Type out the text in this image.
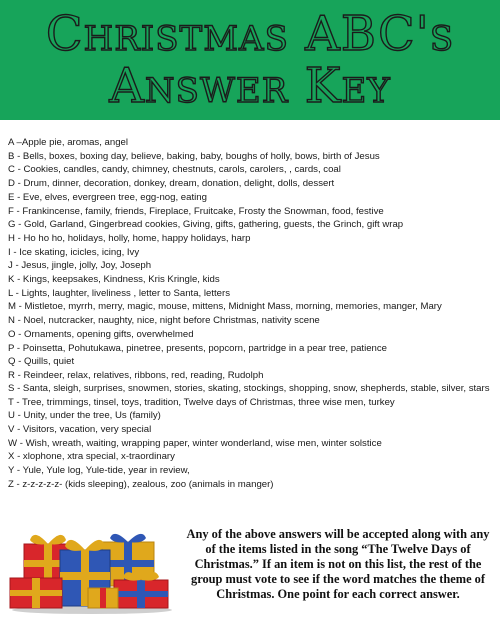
Christmas ABC's
Answer Key
A –Apple pie, aromas, angel
B - Bells, boxes, boxing day, believe, baking, baby, boughs of holly, bows, birth of Jesus
C - Cookies, candles, candy, chimney, chestnuts, carols, carolers, , cards, coal
D - Drum, dinner, decoration, donkey, dream, donation, delight, dolls, dessert
E - Eve, elves, evergreen tree, egg-nog, eating
F - Frankincense, family, friends, Fireplace, Fruitcake, Frosty the Snowman, food, festive
G - Gold, Garland, Gingerbread cookies, Giving, gifts, gathering, guests, the Grinch, gift wrap
H - Ho ho ho, holidays, holly, home, happy holidays, harp
I - Ice skating, icicles, icing, Ivy
J - Jesus, jingle, jolly, Joy, Joseph
K - Kings, keepsakes, Kindness, Kris Kringle, kids
L - Lights, laughter, liveliness , letter to Santa, letters
M - Mistletoe, myrrh, merry, magic, mouse, mittens, Midnight Mass, morning, memories, manger, Mary
N - Noel, nutcracker, naughty, nice, night before Christmas, nativity scene
O - Ornaments, opening gifts, overwhelmed
P - Poinsetta, Pohutukawa, pinetree, presents, popcorn, partridge in a pear tree, patience
Q - Quills, quiet
R - Reindeer, relax, relatives, ribbons, red, reading, Rudolph
S - Santa, sleigh, surprises, snowmen, stories, skating, stockings, shopping, snow, shepherds, stable, silver, stars
T - Tree, trimmings, tinsel, toys, tradition, Twelve days of Christmas, three wise men, turkey
U - Unity, under the tree, Us (family)
V - Visitors, vacation, very special
W - Wish, wreath, waiting, wrapping paper, winter wonderland, wise men, winter solstice
X - xlophone, xtra special, x-traordinary
Y - Yule, Yule log, Yule-tide, year in review,
Z - z-z-z-z-z- (kids sleeping), zealous, zoo (animals in manger)
Any of the above answers will be accepted along with any of the items listed in the song “The Twelve Days of Christmas.” If an item is not on this list, the rest of the group must vote to see if the word matches the theme of Christmas. One point for each correct answer.
